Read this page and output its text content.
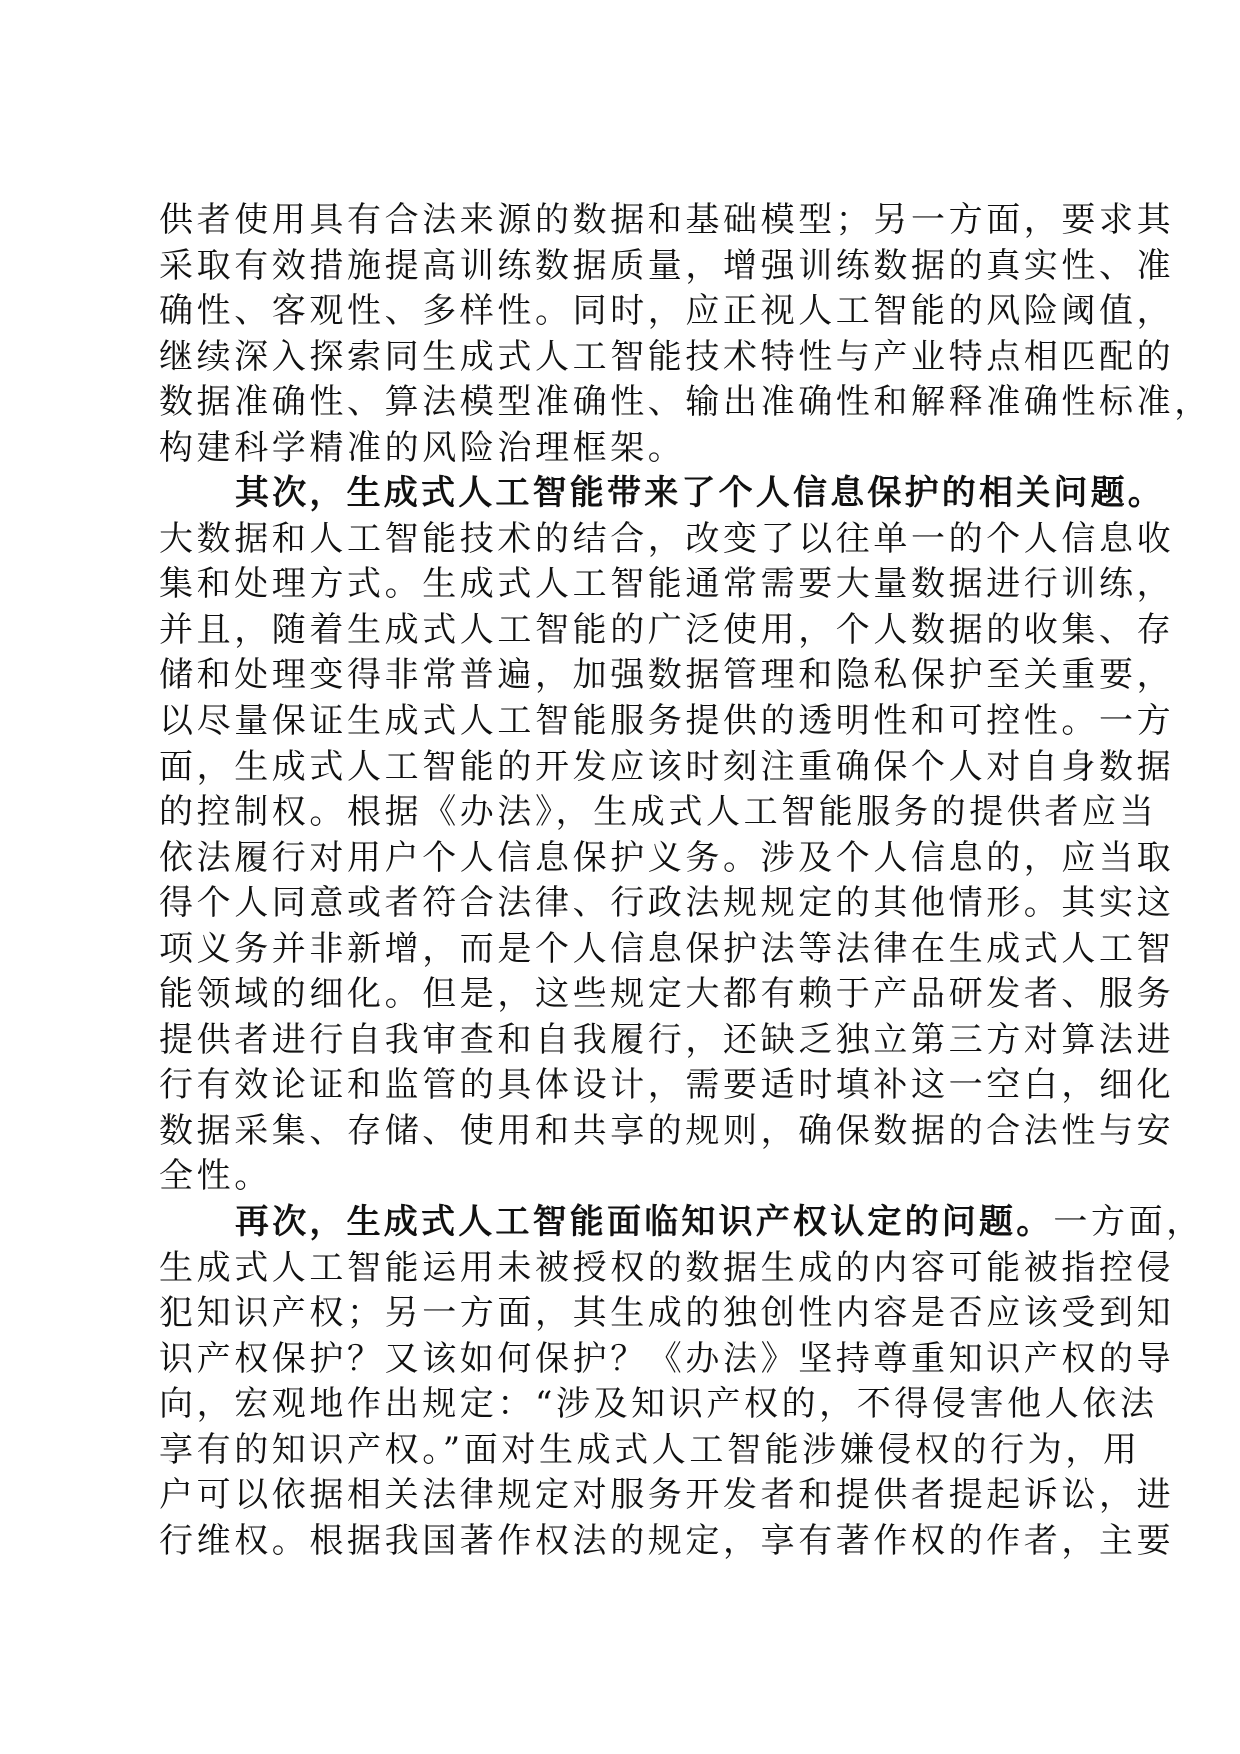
供者使用具有合法来源的数据和基础模型；另一方面，要求其
采取有效措施提高训练数据质量，增强训练数据的真实性、准
确性、客观性、多样性。同时，应正视人工智能的风险阈值，
继续深入探索同生成式人工智能技术特性与产业特点相匹配的
数据准确性、算法模型准确性、输出准确性和解释准确性标准，
构建科学精准的风险治理框架。
其次，生成式人工智能带来了个人信息保护的相关问题。
大数据和人工智能技术的结合，改变了以往单一的个人信息收
集和处理方式。生成式人工智能通常需要大量数据进行训练，
并且，随着生成式人工智能的广泛使用，个人数据的收集、存
储和处理变得非常普遍，加强数据管理和隐私保护至关重要，
以尽量保证生成式人工智能服务提供的透明性和可控性。一方
面，生成式人工智能的开发应该时刻注重确保个人对自身数据
的控制权。根据《办法》，生成式人工智能服务的提供者应当
依法履行对用户个人信息保护义务。涉及个人信息的，应当取
得个人同意或者符合法律、行政法规规定的其他情形。其实这
项义务并非新增，而是个人信息保护法等法律在生成式人工智
能领域的细化。但是，这些规定大都有赖于产品研发者、服务
提供者进行自我审查和自我履行，还缺乏独立第三方对算法进
行有效论证和监管的具体设计，需要适时填补这一空白，细化
数据采集、存储、使用和共享的规则，确保数据的合法性与安
全性。
再次，生成式人工智能面临知识产权认定的问题。一方面，
生成式人工智能运用未被授权的数据生成的内容可能被指控侵
犯知识产权；另一方面，其生成的独创性内容是否应该受到知
识产权保护？又该如何保护？《办法》坚持尊重知识产权的导
向，宏观地作出规定：“涉及知识产权的，不得侵害他人依法
享有的知识产权。”面对生成式人工智能涉嫌侵权的行为，用
户可以依据相关法律规定对服务开发者和提供者提起诉讼，进
行维权。根据我国著作权法的规定，享有著作权的作者，主要
